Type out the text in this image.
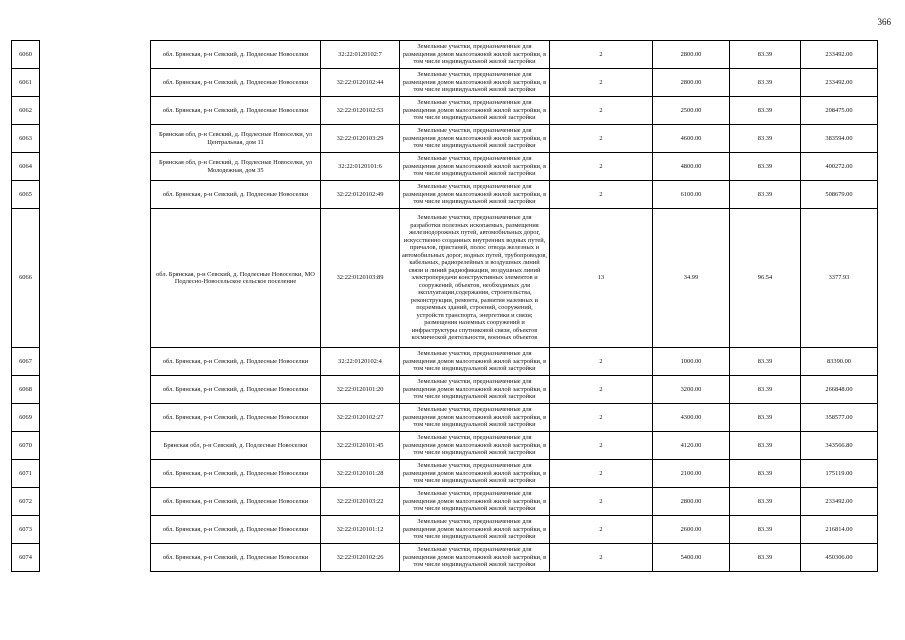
366
6060		обл. Брянская, р-н Севский, д. Подлесные Новоселки	32:22:0120102:7	Земельные участки, предназначенные для размещения домов малоэтажной жилой застройки, в том числе индивидуальной жилой застройки	2	2800.00	83.39	233492.00
6061		обл. Брянская, р-н Севский, д. Подлесные Новоселки	32:22:0120102:44	Земельные участки, предназначенные для размещения домов малоэтажной жилой застройки, в том числе индивидуальной жилой застройки	2	2800.00	83.39	233492.00
6062		обл. Брянская, р-н Севский, д. Подлесные Новоселки	32:22:0120102:53	Земельные участки, предназначенные для размещения домов малоэтажной жилой застройки, в том числе индивидуальной жилой застройки	2	2500.00	83.39	208475.00
6063		Брянская обл, р-н Севский, д. Подлесные Новоселки, ул Центральная, дом 11	32:22:0120103:29	Земельные участки, предназначенные для размещения домов малоэтажной жилой застройки, в том числе индивидуальной жилой застройки	2	4600.00	83.39	383594.00
6064		Брянская обл, р-н Севский, д. Подлесные Новоселки, ул Молодежная, дом 35	32:22:0120101:6	Земельные участки, предназначенные для размещения домов малоэтажной жилой застройки, в том числе индивидуальной жилой застройки	2	4800.00	83.39	400272.00
6065		обл. Брянская, р-н Севский, д. Подлесные Новоселки	32:22:0120102:49	Земельные участки, предназначенные для размещения домов малоэтажной жилой застройки, в том числе индивидуальной жилой застройки	2	6100.00	83.39	508679.00
6066		обл. Брянская, р-н Севский, д. Подлесные Новоселки, МО Подлесно-Новосельское сельское поселение	32:22:0120103:89	Земельные участки, предназначенные для разработки полезных ископаемых, размещения железнодорожных путей, автомобильных дорог, искусственно созданных внутренних водных путей, причалов, пристаней, полос отвода железных и автомобильных дорог, водных путей, трубопроводов, кабельных, радиорелейных и воздушных линий связи и линий радиофикации, воздушных линий электропередачи конструктивных элементов и сооружений, объектов, необходимых для эксплуатации,содержания, строительства, реконструкции, ремонта, развития наземных и подземных зданий, строений, сооружений, устройств транспорта, энергетики и связи; размещения наземных сооружений и инфраструктуры спутниковой связи, объектов космической деятельности, военных объектов	13	34.99	96.54	3377.93
6067		обл. Брянская, р-н Севский, д. Подлесные Новоселки	32:22:0120102:4	Земельные участки, предназначенные для размещения домов малоэтажной жилой застройки, в том числе индивидуальной жилой застройки	2	1000.00	83.39	83390.00
6068		обл. Брянская, р-н Севский, д. Подлесные Новоселки	32:22:0120101:20	Земельные участки, предназначенные для размещения домов малоэтажной жилой застройки, в том числе индивидуальной жилой застройки	2	3200.00	83.39	266848.00
6069		обл. Брянская, р-н Севский, д. Подлесные Новоселки	32:22:0120102:27	Земельные участки, предназначенные для размещения домов малоэтажной жилой застройки, в том числе индивидуальной жилой застройки	2	4300.00	83.39	358577.00
6070		Брянская обл, р-н Севский, д. Подлесные Новоселки	32:22:0120101:45	Земельные участки, предназначенные для размещения домов малоэтажной жилой застройки, в том числе индивидуальной жилой застройки	2	4120.00	83.39	343566.80
6071		обл. Брянская, р-н Севский, д. Подлесные Новоселки	32:22:0120101:28	Земельные участки, предназначенные для размещения домов малоэтажной жилой застройки, в том числе индивидуальной жилой застройки	2	2100.00	83.39	175119.00
6072		обл. Брянская, р-н Севский, д. Подлесные Новоселки	32:22:0120103:22	Земельные участки, предназначенные для размещения домов малоэтажной жилой застройки, в том числе индивидуальной жилой застройки	2	2800.00	83.39	233492.00
6073		обл. Брянская, р-н Севский, д. Подлесные Новоселки	32:22:0120101:12	Земельные участки, предназначенные для размещения домов малоэтажной жилой застройки, в том числе индивидуальной жилой застройки	2	2600.00	83.39	216814.00
6074		обл. Брянская, р-н Севский, д. Подлесные Новоселки	32:22:0120102:26	Земельные участки, предназначенные для размещения домов малоэтажной жилой застройки, в том числе индивидуальной жилой застройки	2	5400.00	83.39	450306.00
